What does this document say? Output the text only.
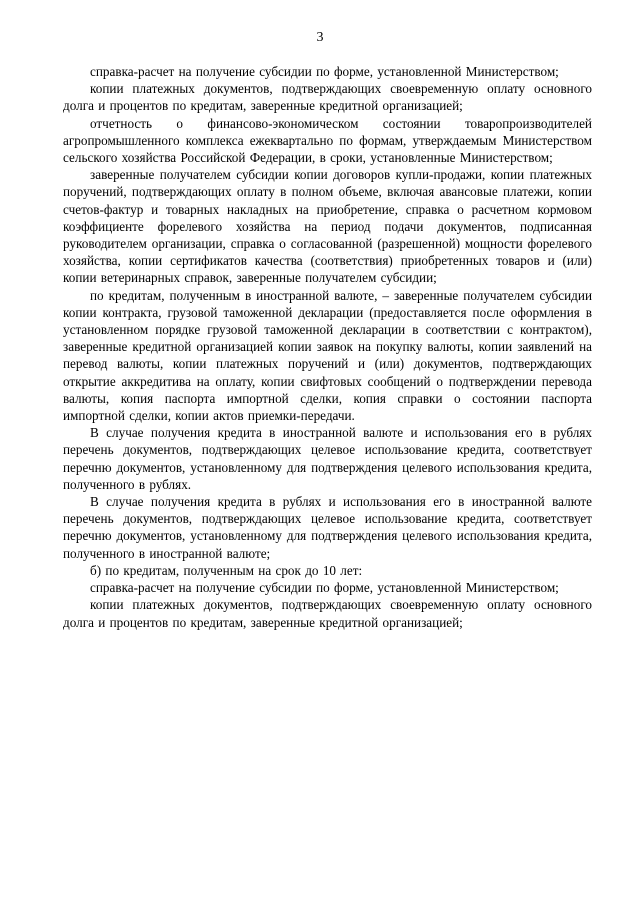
3

справка-расчет на получение субсидии по форме, установленной Министерством;

копии платежных документов, подтверждающих своевременную оплату основного долга и процентов по кредитам, заверенные кредитной организацией;

отчетность о финансово-экономическом состоянии товаропроизводителей агропромышленного комплекса ежеквартально по формам, утверждаемым Министерством сельского хозяйства Российской Федерации, в сроки, установленные Министерством;

заверенные получателем субсидии копии договоров купли-продажи, копии платежных поручений, подтверждающих оплату в полном объеме, включая авансовые платежи, копии счетов-фактур и товарных накладных на приобретение, справка о расчетном кормовом коэффициенте форелевого хозяйства на период подачи документов, подписанная руководителем организации, справка о согласованной (разрешенной) мощности форелевого хозяйства, копии сертификатов качества (соответствия) приобретенных товаров и (или) копии ветеринарных справок, заверенные получателем субсидии;

по кредитам, полученным в иностранной валюте, – заверенные получателем субсидии копии контракта, грузовой таможенной декларации (предоставляется после оформления в установленном порядке грузовой таможенной декларации в соответствии с контрактом), заверенные кредитной организацией копии заявок на покупку валюты, копии заявлений на перевод валюты, копии платежных поручений и (или) документов, подтверждающих открытие аккредитива на оплату, копии свифтовых сообщений о подтверждении перевода валюты, копия паспорта импортной сделки, копия справки о состоянии паспорта импортной сделки, копии актов приемки-передачи.

В случае получения кредита в иностранной валюте и использования его в рублях перечень документов, подтверждающих целевое использование кредита, соответствует перечню документов, установленному для подтверждения целевого использования кредита, полученного в рублях.

В случае получения кредита в рублях и использования его в иностранной валюте перечень документов, подтверждающих целевое использование кредита, соответствует перечню документов, установленному для подтверждения целевого использования кредита, полученного в иностранной валюте;

б) по кредитам, полученным на срок до 10 лет:

справка-расчет на получение субсидии по форме, установленной Министерством;

копии платежных документов, подтверждающих своевременную оплату основного долга и процентов по кредитам, заверенные кредитной организацией;
